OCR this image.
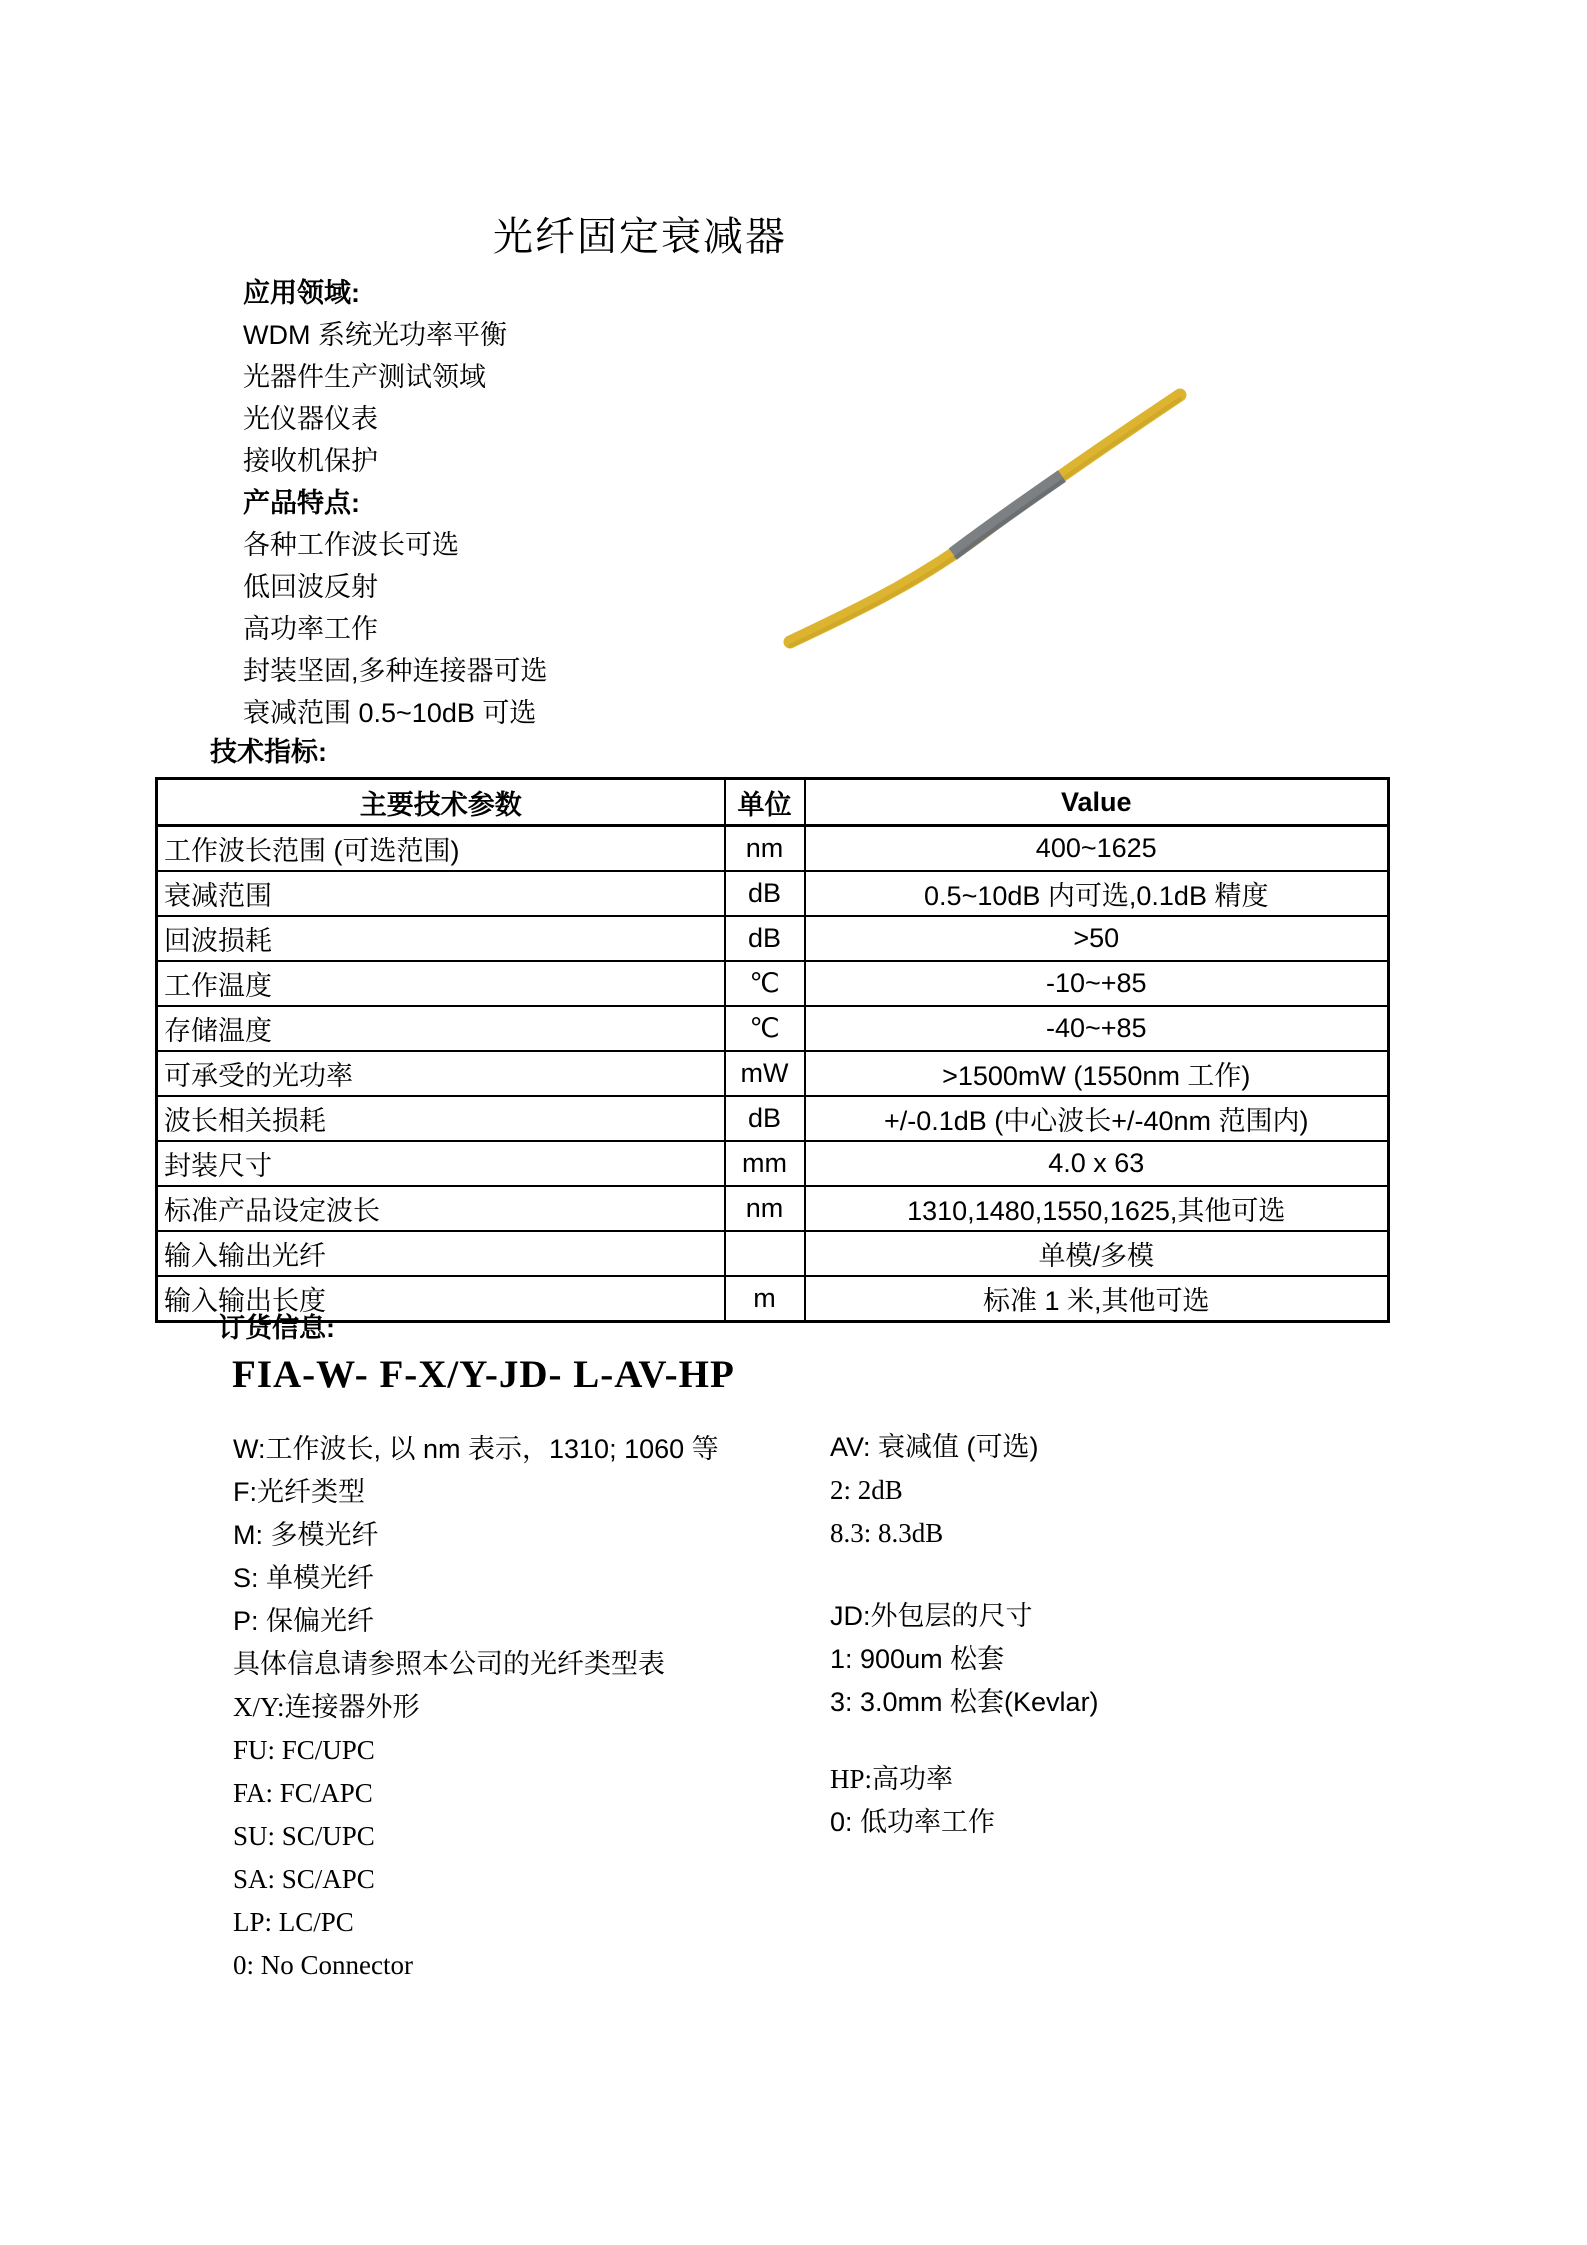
光纤固定衰减器
应用领域:
WDM 系统光功率平衡
光器件生产测试领域
光仪器仪表
接收机保护
产品特点:
各种工作波长可选
低回波反射
高功率工作
封装坚固,多种连接器可选
衰减范围 0.5~10dB 可选
技术指标:
主要技术参数	单位	Value
工作波长范围 (可选范围)	nm	400~1625
衰减范围	dB	0.5~10dB 内可选,0.1dB 精度
回波损耗	dB	>50
工作温度	℃	-10~+85
存储温度	℃	-40~+85
可承受的光功率	mW	>1500mW (1550nm 工作)
波长相关损耗	dB	+/-0.1dB (中心波长+/-40nm 范围内)
封装尺寸	mm	4.0 x 63
标准产品设定波长	nm	1310,1480,1550,1625,其他可选
输入输出光纤		单模/多模
输入输出长度	m	标准 1 米,其他可选
订货信息:
FIA-W- F-X/Y-JD- L-AV-HP
W:工作波长, 以 nm 表示，1310; 1060 等
F:光纤类型
M: 多模光纤
S: 单模光纤
P: 保偏光纤
具体信息请参照本公司的光纤类型表
X/Y:连接器外形
FU: FC/UPC
FA: FC/APC
SU: SC/UPC
SA: SC/APC
LP: LC/PC
0: No Connector
AV: 衰减值 (可选)
2: 2dB
8.3: 8.3dB
JD:外包层的尺寸
1: 900um 松套
3: 3.0mm 松套(Kevlar)
HP:高功率
0: 低功率工作
